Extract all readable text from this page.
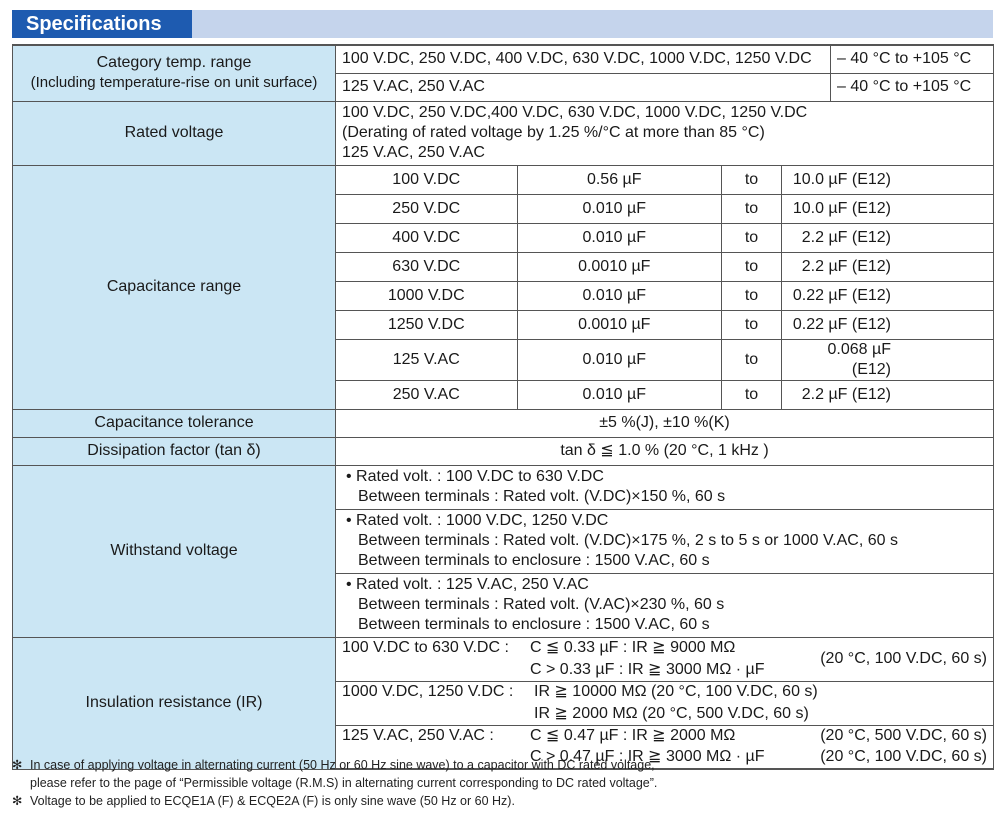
Specifications
Category temp. range
(Including temperature-rise on unit surface)
	100 V.DC, 250 V.DC, 400 V.DC, 630 V.DC, 1000 V.DC, 1250 V.DC	– 40 °C to +105 °C
125 V.AC, 250 V.AC	– 40 °C to +105 °C
Rated voltage	
100 V.DC, 250 V.DC,400 V.DC, 630 V.DC, 1000 V.DC, 1250 V.DC
(Derating of rated voltage by 1.25 %/°C at more than 85 °C)
125 V.AC, 250 V.AC

Capacitance range	
100 V.DC		0.56 µF	to	10.0 µF (E12)

250 V.DC		0.010 µF	to	10.0 µF (E12)

400 V.DC		0.010 µF	to	2.2 µF (E12)

630 V.DC		0.0010 µF	to	2.2 µF (E12)

1000 V.DC		0.010 µF	to	0.22 µF (E12)

1250 V.DC		0.0010 µF	to	0.22 µF (E12)

125 V.AC		0.010 µF	to	0.068 µF (E12)

250 V.AC		0.010 µF	to	2.2 µF (E12)

Capacitance tolerance	±5 %(J), ±10 %(K)
Dissipation factor (tan δ)	tan δ ≦ 1.0 % (20 °C, 1 kHz )
Withstand voltage	
• Rated volt. : 100 V.DC to 630 V.DC
Between terminals : Rated volt. (V.DC)×150 %, 60 s

• Rated volt. : 1000 V.DC, 1250 V.DC
Between terminals : Rated volt. (V.DC)×175 %, 2 s to 5 s or 1000 V.AC, 60 s
Between terminals to enclosure : 1500 V.AC, 60 s

• Rated volt. : 125 V.AC, 250 V.AC
Between terminals : Rated volt. (V.AC)×230 %, 60 s
Between terminals to enclosure : 1500 V.AC, 60 s

Insulation resistance (IR)	
100 V.DC to 630 V.DC :	C ≦ 0.33 µF : IR ≧ 9000 MΩ	(20 °C, 100 V.DC, 60 s)
	C > 0.33 µF : IR ≧ 3000 MΩ · µF

1000 V.DC, 1250 V.DC :	IR ≧ 10000 MΩ (20 °C, 100 V.DC, 60 s)
	IR ≧ 2000 MΩ (20 °C, 500 V.DC, 60 s)

125 V.AC, 250 V.AC :	C ≦ 0.47 µF : IR ≧ 2000 MΩ	(20 °C, 500 V.DC, 60 s)
	C > 0.47 µF : IR ≧ 3000 MΩ · µF	(20 °C, 100 V.DC, 60 s)
✻ In case of applying voltage in alternating current (50 Hz or 60 Hz sine wave) to a capacitor with DC rated voltage,
please refer to the page of “Permissible voltage (R.M.S) in alternating current corresponding to DC rated voltage”.
✻ Voltage to be applied to ECQE1A (F) & ECQE2A (F) is only sine wave (50 Hz or 60 Hz).
